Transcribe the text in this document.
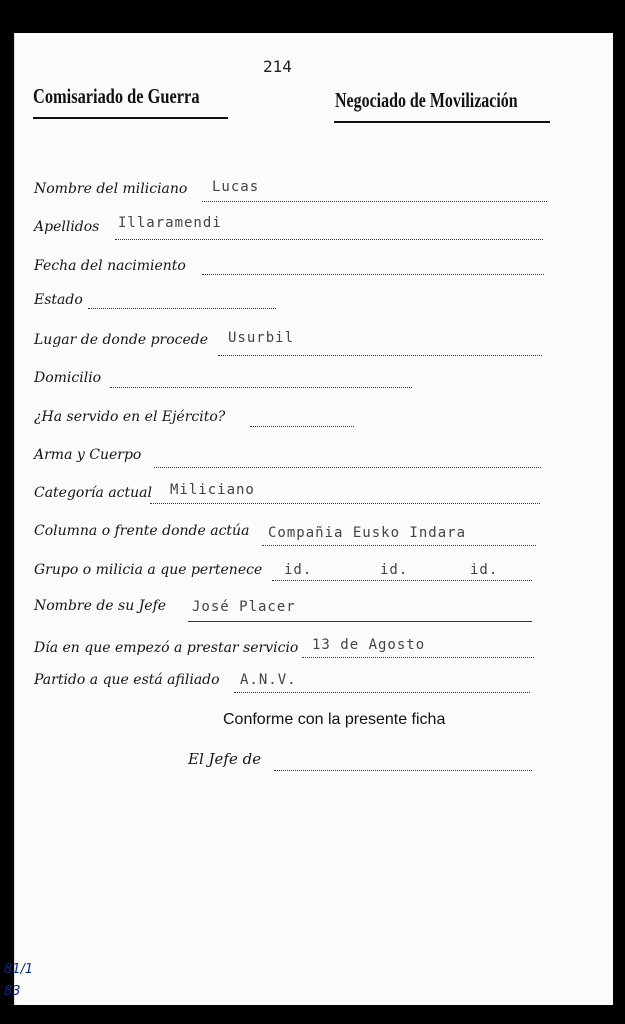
214
Comisariado de Guerra	Negociado de Movilización
Nombre del miliciano Lucas
Apellidos Illaramendi
Fecha del nacimiento
Estado
Lugar de donde procede Usurbil
Domicilio
¿Ha servido en el Ejército?
Arma y Cuerpo
Categoría actual Miliciano
Columna o frente donde actúa Compañia Eusko Indara
Grupo o milicia a que pertenece id.	id.	id.
Nombre de su Jefe José Placer
Día en que empezó a prestar servicio 13 de Agosto
Partido a que está afiliado A.N.V.
Conforme con la presente ficha
El Jefe de
81/1
83
